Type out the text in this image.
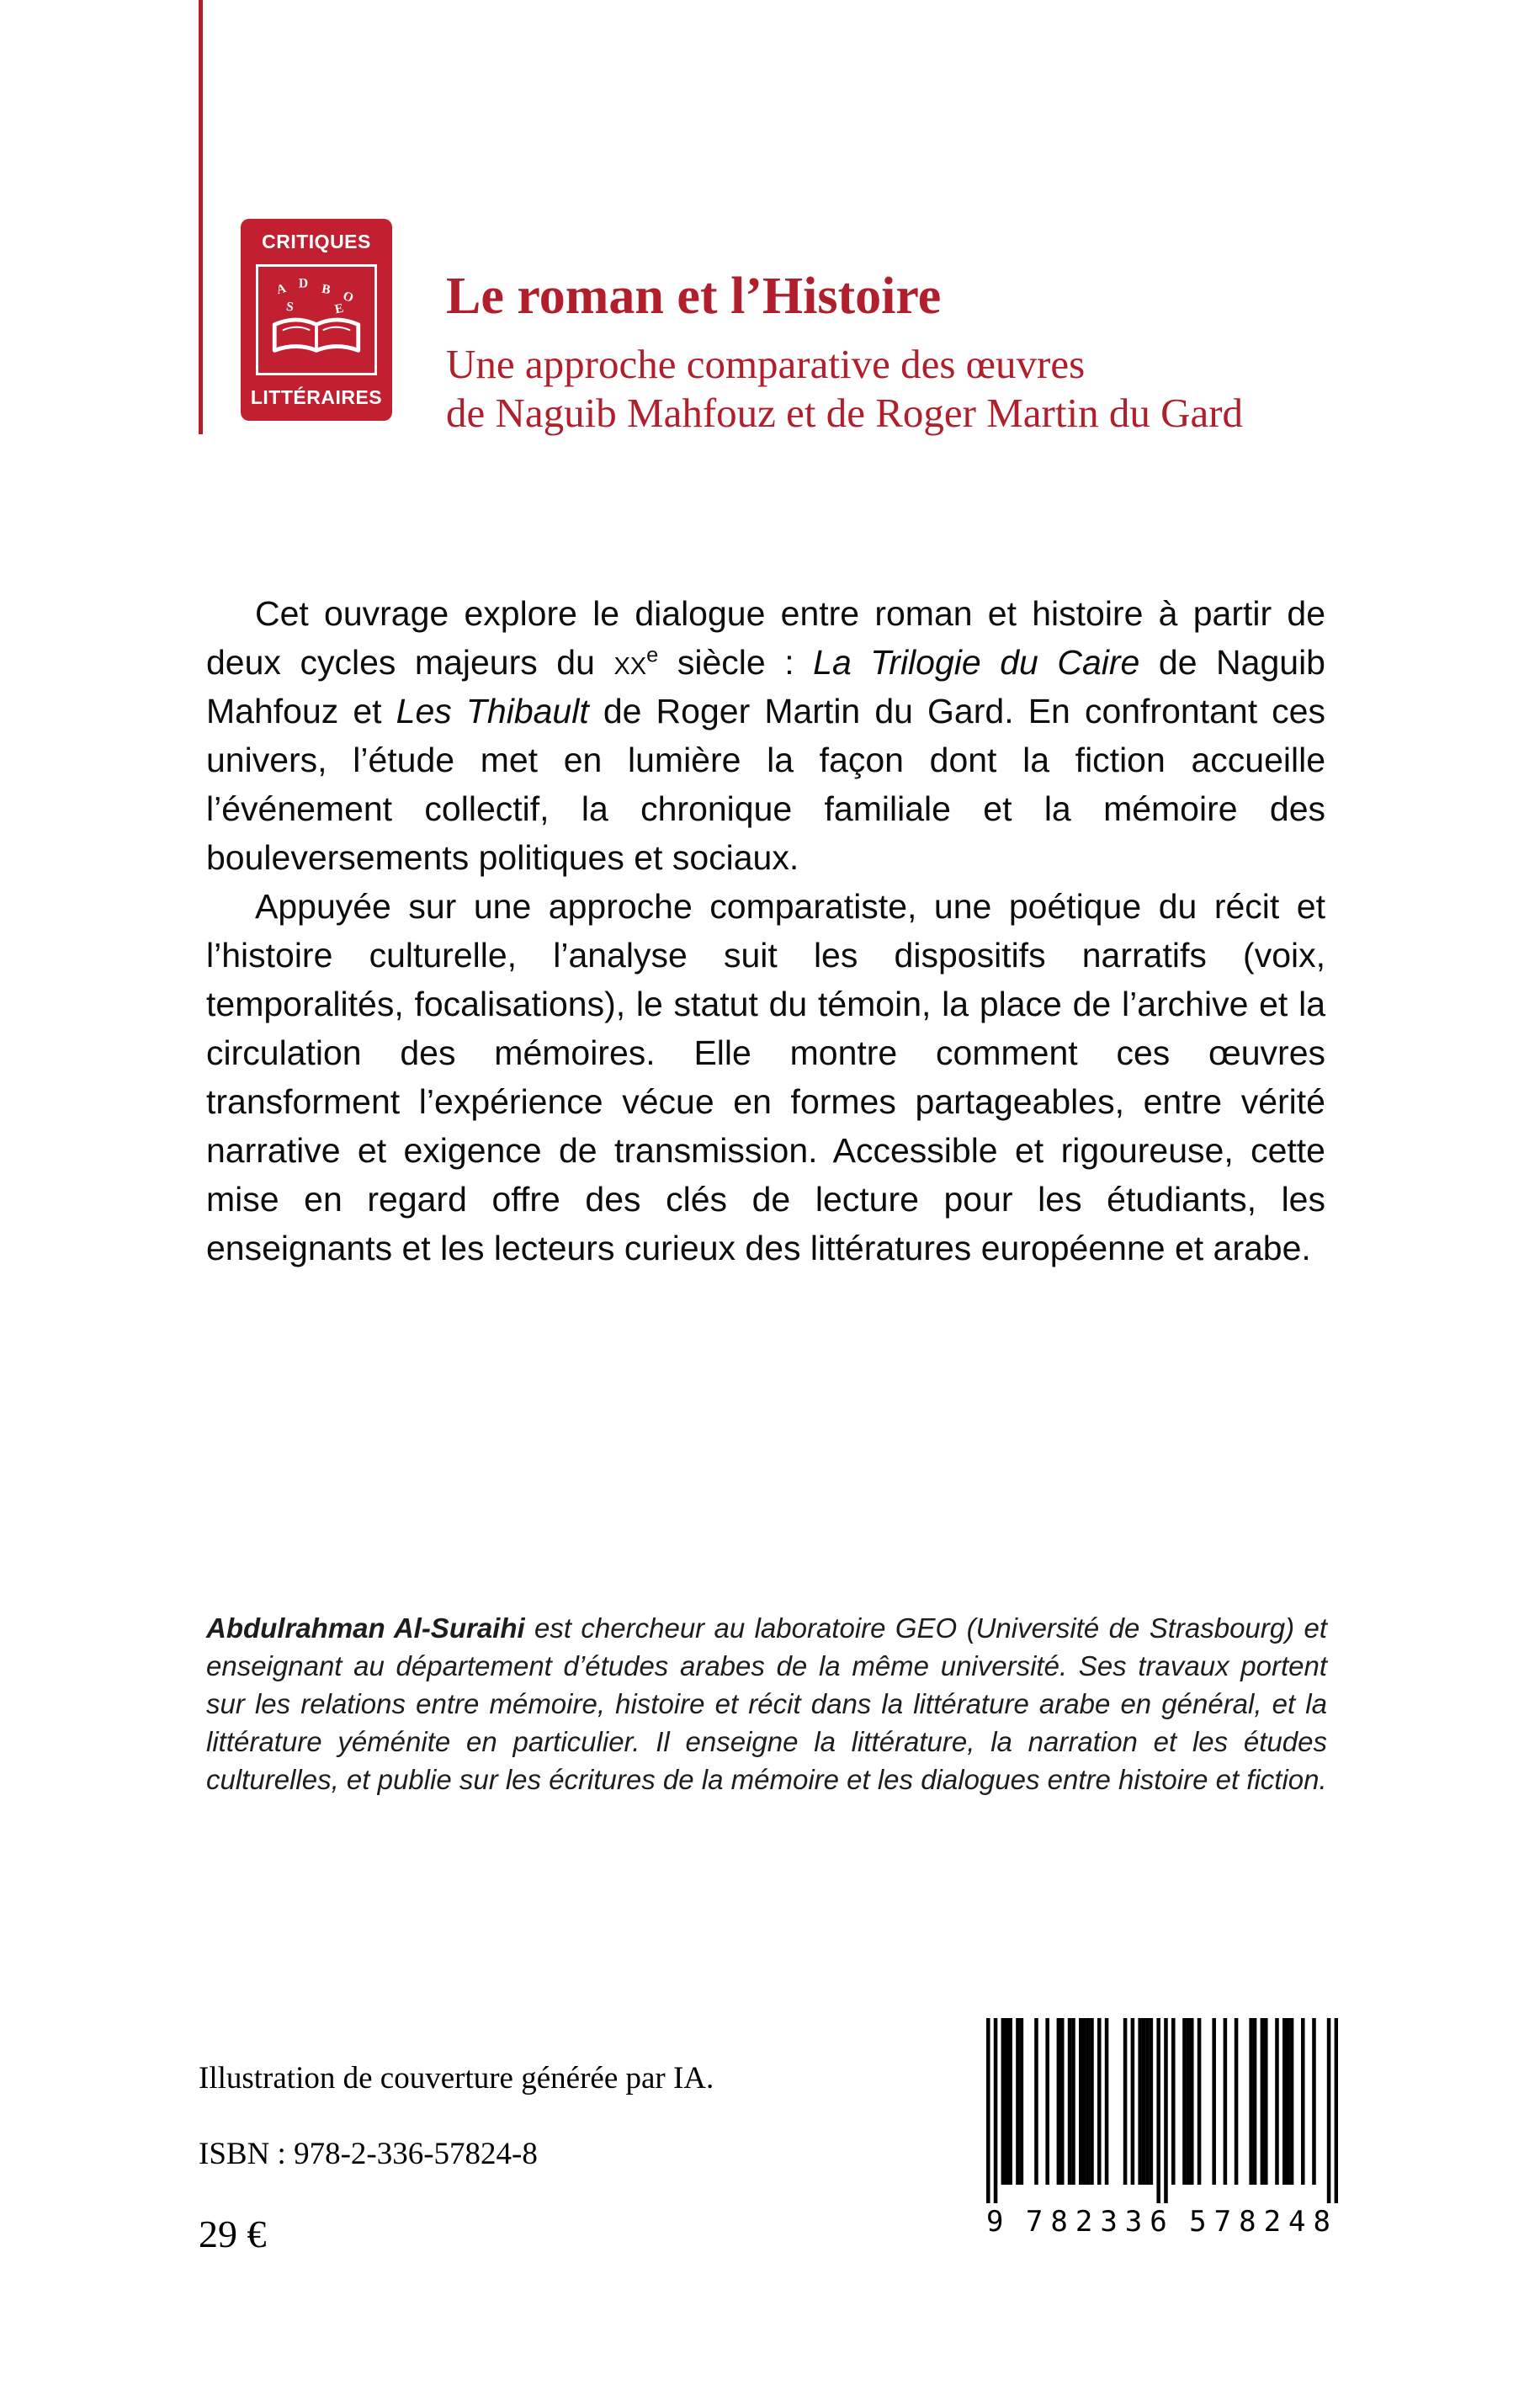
CRITIQUES
A D B O
S	E
LITTÉRAIRES
Le roman et l’Histoire
Une approche comparative des œuvres
de Naguib Mahfouz et de Roger Martin du Gard

Cet ouvrage explore le dialogue entre roman et histoire à partir de deux cycles majeurs du $xx^e$ siècle : La Trilogie du Caire de Naguib Mahfouz et Les Thibault de Roger Martin du Gard. En confrontant ces univers, l’étude met en lumière la façon dont la fiction accueille l’événement collectif, la chronique familiale et la mémoire des bouleversements politiques et sociaux.

Appuyée sur une approche comparatiste, une poétique du récit et l’histoire culturelle, l’analyse suit les dispositifs narratifs (voix, temporalités, focalisations), le statut du témoin, la place de l’archive et la circulation des mémoires. Elle montre comment ces œuvres transforment l’expérience vécue en formes partageables, entre vérité narrative et exigence de transmission. Accessible et rigoureuse, cette mise en regard offre des clés de lecture pour les étudiants, les enseignants et les lecteurs curieux des littératures européenne et arabe.

Abdulrahman Al-Suraihi est chercheur au laboratoire GEO (Université de Strasbourg) et enseignant au département d’études arabes de la même université. Ses travaux portent sur les relations entre mémoire, histoire et récit dans la littérature arabe en général, et la littérature yéménite en particulier. Il enseigne la littérature, la narration et les études culturelles, et publie sur les écritures de la mémoire et les dialogues entre histoire et fiction.
Illustration de couverture générée par IA.
ISBN : 978-2-336-57824-8
29 €	9 782336 578248
